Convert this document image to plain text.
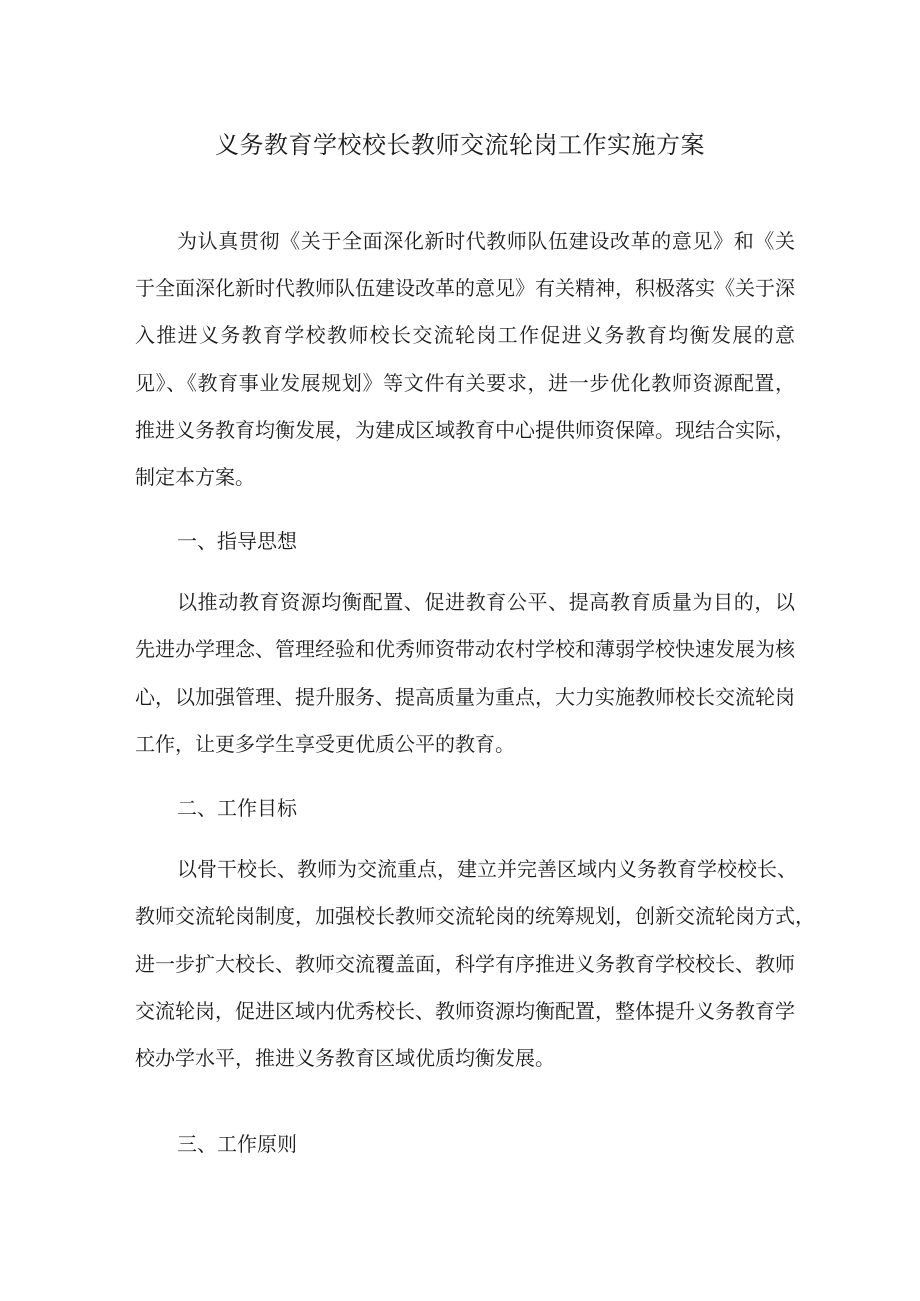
义务教育学校校长教师交流轮岗工作实施方案
为认真贯彻《关于全面深化新时代教师队伍建设改革的意见》和《关
于全面深化新时代教师队伍建设改革的意见》有关精神，积极落实《关于深
入推进义务教育学校教师校长交流轮岗工作促进义务教育均衡发展的意
见》、《教育事业发展规划》等文件有关要求，进一步优化教师资源配置，
推进义务教育均衡发展，为建成区域教育中心提供师资保障。现结合实际，
制定本方案。
一、指导思想
以推动教育资源均衡配置、促进教育公平、提高教育质量为目的，以
先进办学理念、管理经验和优秀师资带动农村学校和薄弱学校快速发展为核
心，以加强管理、提升服务、提高质量为重点，大力实施教师校长交流轮岗
工作，让更多学生享受更优质公平的教育。
二、工作目标
以骨干校长、教师为交流重点，建立并完善区域内义务教育学校校长、
教师交流轮岗制度，加强校长教师交流轮岗的统筹规划，创新交流轮岗方式，
进一步扩大校长、教师交流覆盖面，科学有序推进义务教育学校校长、教师
交流轮岗，促进区域内优秀校长、教师资源均衡配置，整体提升义务教育学
校办学水平，推进义务教育区域优质均衡发展。
三、工作原则
